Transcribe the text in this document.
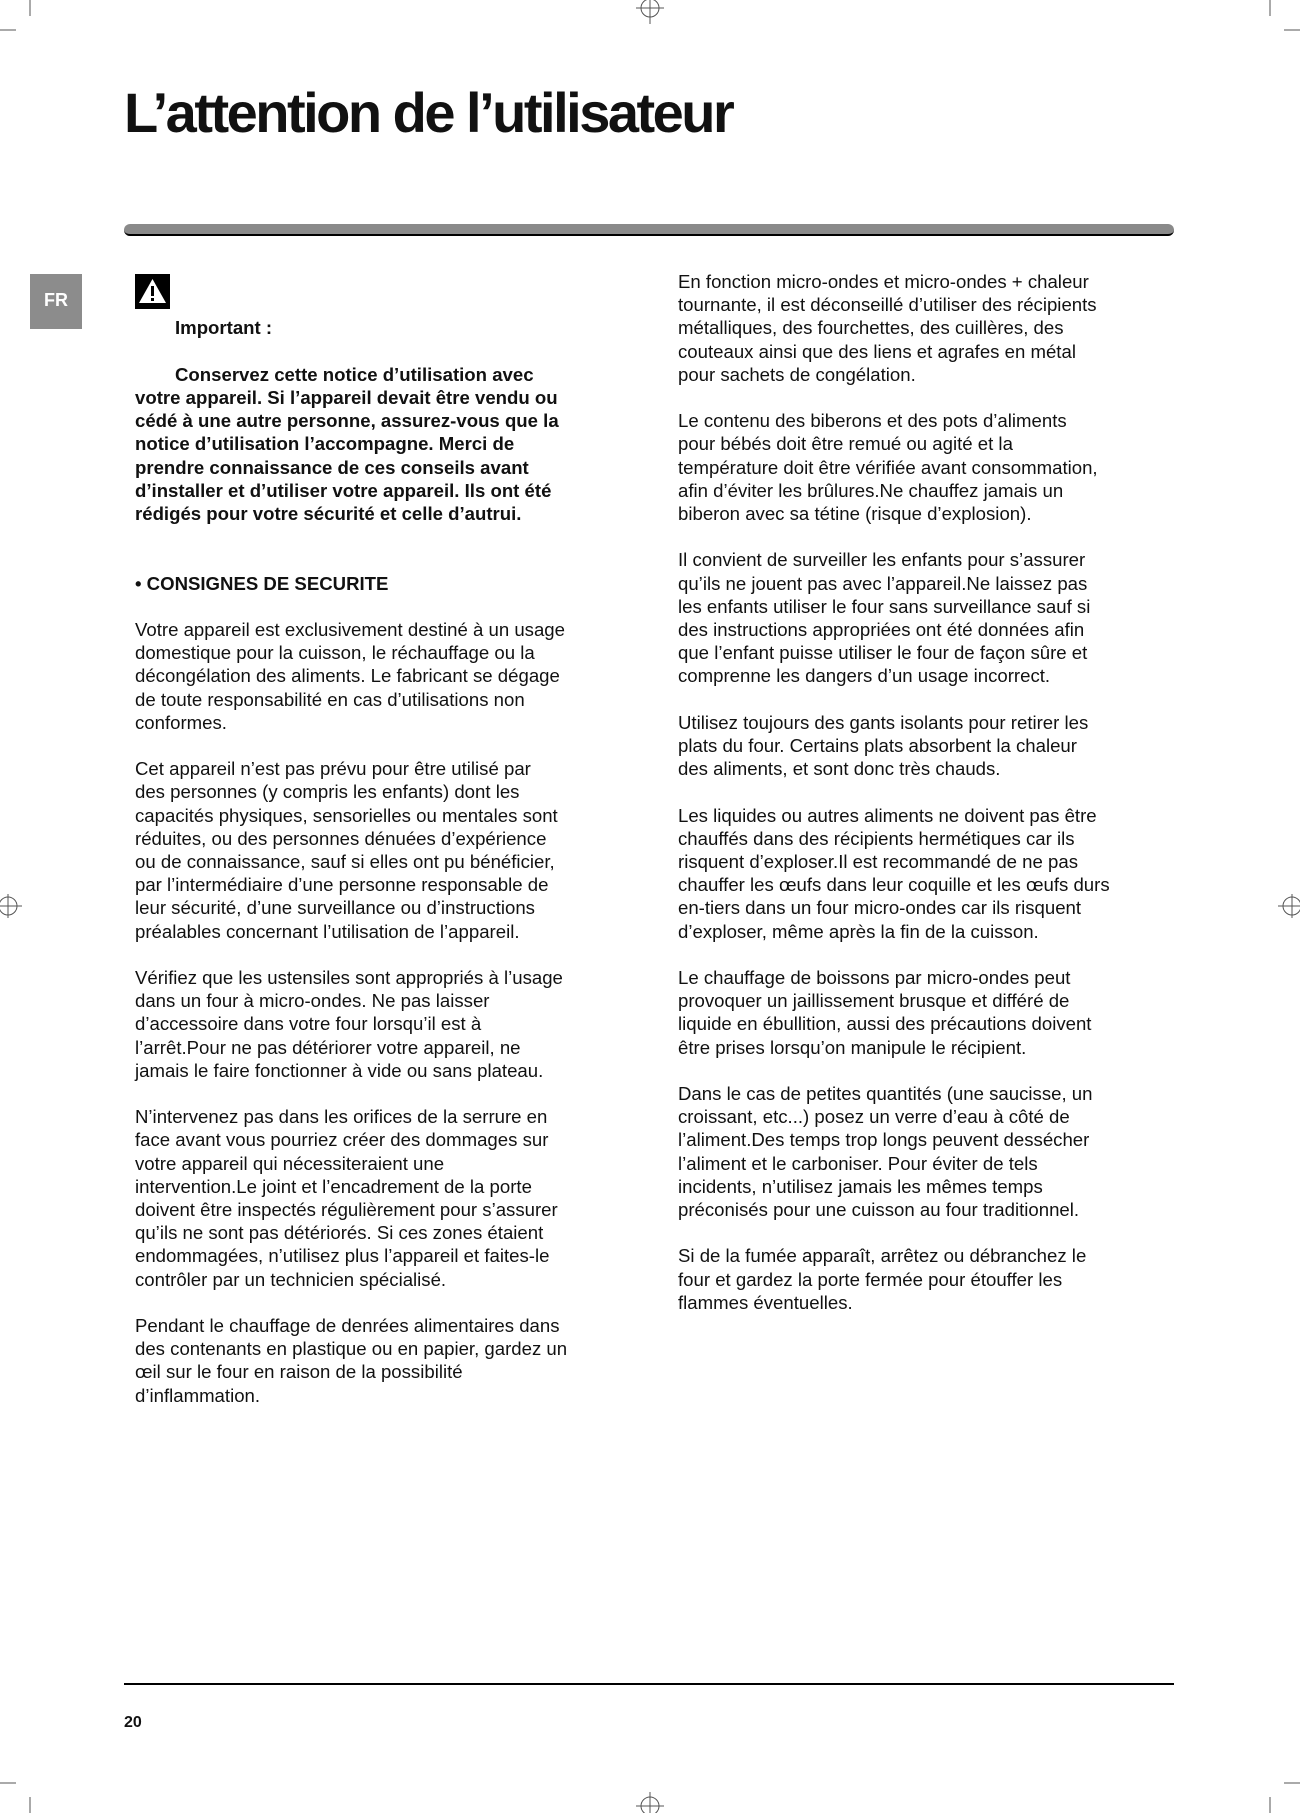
L’attention de l’utilisateur
FR

Important :

Conservez cette notice d’utilisation avec
votre appareil. Si l’appareil devait être vendu ou
cédé à une autre personne, assurez-vous que la
notice d’utilisation l’accompagne. Merci de
prendre connaissance de ces conseils avant
d’installer et d’utiliser votre appareil. Ils ont été
rédigés pour votre sécurité et celle d’autrui.

• CONSIGNES DE SECURITE

Votre appareil est exclusivement destiné à un usage
domestique pour la cuisson, le réchauffage ou la
décongélation des aliments. Le fabricant se dégage
de toute responsabilité en cas d’utilisations non
conformes.

Cet appareil n’est pas prévu pour être utilisé par
des personnes (y compris les enfants) dont les
capacités physiques, sensorielles ou mentales sont
réduites, ou des personnes dénuées d’expérience
ou de connaissance, sauf si elles ont pu bénéficier,
par l’intermédiaire d’une personne responsable de
leur sécurité, d’une surveillance ou d’instructions
préalables concernant l’utilisation de l’appareil.

Vérifiez que les ustensiles sont appropriés à l’usage
dans un four à micro-ondes. Ne pas laisser
d’accessoire dans votre four lorsqu’il est à
l’arrêt.Pour ne pas détériorer votre appareil, ne
jamais le faire fonctionner à vide ou sans plateau.

N’intervenez pas dans les orifices de la serrure en
face avant vous pourriez créer des dommages sur
votre appareil qui nécessiteraient une
intervention.Le joint et l’encadrement de la porte
doivent être inspectés régulièrement pour s’assurer
qu’ils ne sont pas détériorés. Si ces zones étaient
endommagées, n’utilisez plus l’appareil et faites-le
contrôler par un technicien spécialisé.

Pendant le chauffage de denrées alimentaires dans
des contenants en plastique ou en papier, gardez un
œil sur le four en raison de la possibilité
d’inflammation.

En fonction micro-ondes et micro-ondes + chaleur
tournante, il est déconseillé d’utiliser des récipients
métalliques, des fourchettes, des cuillères, des
couteaux ainsi que des liens et agrafes en métal
pour sachets de congélation.

Le contenu des biberons et des pots d’aliments
pour bébés doit être remué ou agité et la
température doit être vérifiée avant consommation,
afin d’éviter les brûlures.Ne chauffez jamais un
biberon avec sa tétine (risque d’explosion).

Il convient de surveiller les enfants pour s’assurer
qu’ils ne jouent pas avec l’appareil.Ne laissez pas
les enfants utiliser le four sans surveillance sauf si
des instructions appropriées ont été données afin
que l’enfant puisse utiliser le four de façon sûre et
comprenne les dangers d’un usage incorrect.

Utilisez toujours des gants isolants pour retirer les
plats du four. Certains plats absorbent la chaleur
des aliments, et sont donc très chauds.

Les liquides ou autres aliments ne doivent pas être
chauffés dans des récipients hermétiques car ils
risquent d’exploser.Il est recommandé de ne pas
chauffer les œufs dans leur coquille et les œufs durs
en-tiers dans un four micro-ondes car ils risquent
d’exploser, même après la fin de la cuisson.

Le chauffage de boissons par micro-ondes peut
provoquer un jaillissement brusque et différé de
liquide en ébullition, aussi des précautions doivent
être prises lorsqu’on manipule le récipient.

Dans le cas de petites quantités (une saucisse, un
croissant, etc...) posez un verre d’eau à côté de
l’aliment.Des temps trop longs peuvent dessécher
l’aliment et le carboniser. Pour éviter de tels
incidents, n’utilisez jamais les mêmes temps
préconisés pour une cuisson au four traditionnel.

Si de la fumée apparaît, arrêtez ou débranchez le
four et gardez la porte fermée pour étouffer les
flammes éventuelles.

20
